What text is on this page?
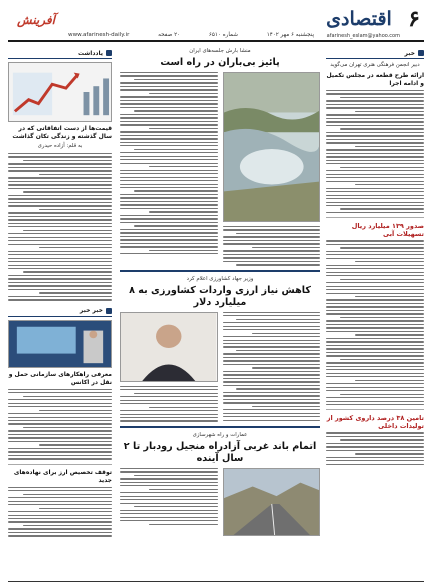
۶
اقتصادی
آفرینش
afarinesh_eslam@yahoo.com
پنجشنبه ۶ مهر ۱۴۰۲
شماره ۶۵۱۰
۲۰ صفحه
www.afarinesh-daily.ir
خبر
دبیر انجمن فرهنگی هنری تهران می‌گوید
ارائه طرح قطعه در مجلس تکمیل و ادامه اجرا
صدور ۱۳۹ میلیارد ریال تسهیلات آبی
تامین ۳۸ درصد داروی کشور از تولیدات داخلی
منشا بارش جلسه‌های ایران
پائیز بی‌باران در راه است
وزیر جهاد کشاورزی اعلام کرد
کاهش نیاز ارزی واردات کشاورزی به ۸ میلیارد دلار
عمارات و راه شهرسازی
اتمام باند غربی آزادراه منجیل رودبار تا ۲ سال آینده
یادداشت
قیمت‌ها از دست اتفاقاتی که در سال گذشته و زندگی تکان گذاشت
به قلم: آزاده حیدری
خبر خبر
معرفی راهکارهای سازمانی حمل و نقل در اکانس
توقف تخصیص ارز برای نهاده‌های جدید
